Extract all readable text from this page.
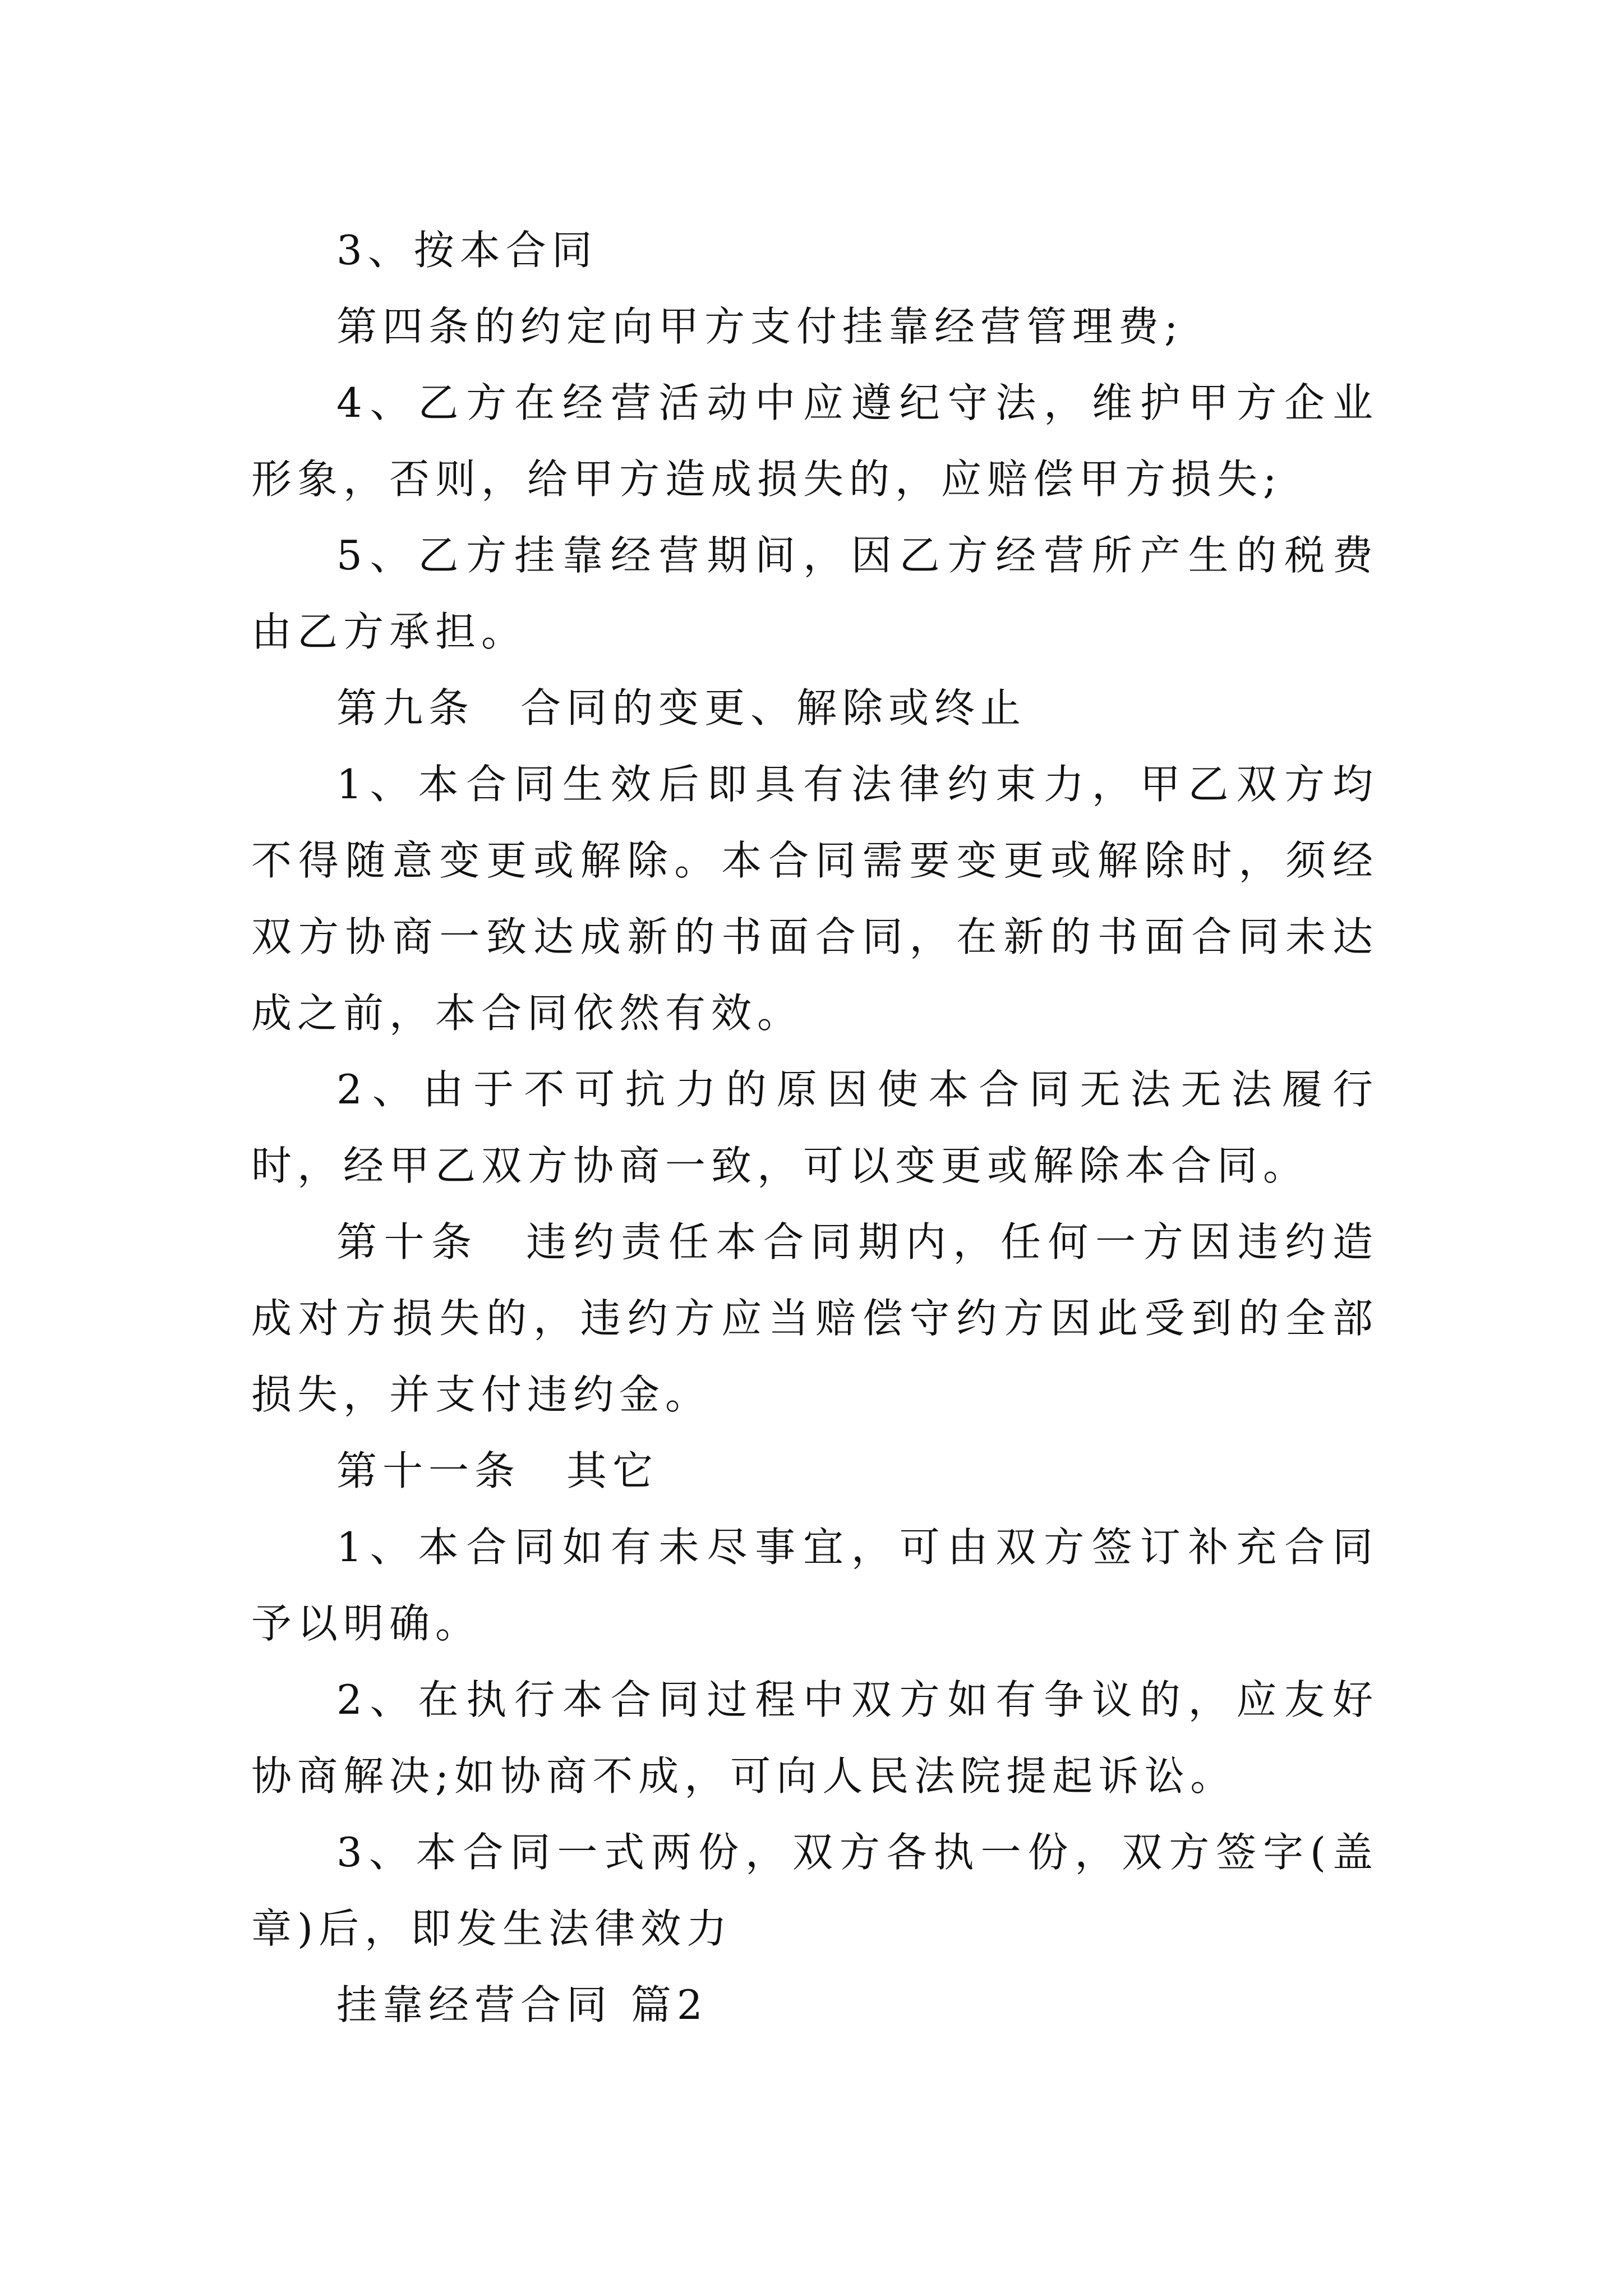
3、按本合同

第四条的约定向甲方支付挂靠经营管理费;

4、乙方在经营活动中应遵纪守法，维护甲方企业形象，否则，给甲方造成损失的，应赔偿甲方损失;

5、乙方挂靠经营期间，因乙方经营所产生的税费由乙方承担。

第九条　合同的变更、解除或终止

1、本合同生效后即具有法律约束力，甲乙双方均不得随意变更或解除。本合同需要变更或解除时，须经双方协商一致达成新的书面合同，在新的书面合同未达成之前，本合同依然有效。

2、由于不可抗力的原因使本合同无法无法履行时，经甲乙双方协商一致，可以变更或解除本合同。

第十条　违约责任本合同期内，任何一方因违约造成对方损失的，违约方应当赔偿守约方因此受到的全部损失，并支付违约金。

第十一条　其它

1、本合同如有未尽事宜，可由双方签订补充合同予以明确。

2、在执行本合同过程中双方如有争议的，应友好协商解决;如协商不成，可向人民法院提起诉讼。

3、本合同一式两份，双方各执一份，双方签字(盖章)后，即发生法律效力

挂靠经营合同 篇2
